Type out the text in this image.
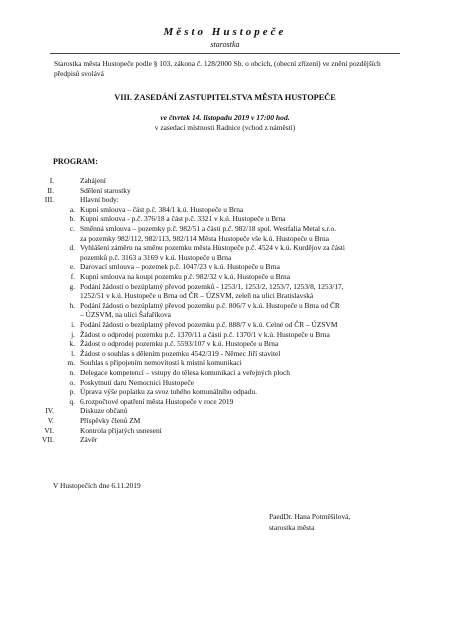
Město Hustopeče
starostka
Starostka města Hustopeče podle § 103, zákona č. 128/2000 Sb. o obcích, (obecní zřízení) ve znění pozdějších předpisů svolává
VIII. ZASEDÁNÍ ZASTUPITELSTVA MĚSTA HUSTOPEČE
ve čtvrtek 14. listopadu 2019 v 17:00 hod.
v zasedací místnosti Radnice (vchod z náměstí)
PROGRAM:
I.	Zahájení
II.	Sdělení starostky
III.	Hlavní body:
a. Kupní smlouva – část p.č. 384/1 k.ú. Hustopeče u Brna
b. Kupní smlouva - p.č. 376/18 a část p.č. 3321 v k.ú. Hustopeče u Brna
c. Směnná smlouva – pozemky p.č. 982/51 a části p.č. 982/18 spol. Westfalia Metal s.r.o.
za pozemky 982/112, 982/113, 982/114 Města Hustopeče vše k.ú. Hustopeče u Brna
d. Vyhlášení záměru na směnu pozemku města Hustopeče p.č. 4524 v k.ú. Kurdějov za části
pozemků p.č. 3163 a 3169 v k.ú. Hustopeče u Brna
e. Darovací smlouva – pozemek p.č. 1047/23 v k.ú. Hustopeče u Brna
f. Kupní smlouva na koupi pozemku p.č. 982/32 v k.ú. Hustopeče u Brna
g. Podání žádosti o bezúplatný převod pozemků - 1253/1, 1253/2, 1253/7, 1253/8, 1253/17,
1252/51 v k.ú. Hustopeče u Brna od ČR – ÚZSVM, zeleň na ulici Bratislavská
h. Podání žádosti o bezúplatný převod pozemku p.č. 806/7 v k.ú. Hustopeče u Brna od ČR
– ÚZSVM, na ulici Šafaříkova
i. Podání žádosti o bezúplatný převod pozemku p.č. 888/7 v k.ú. Celné od ČR – ÚZSVM
j. Žádost o odprodej pozemku p.č. 1370/11 a části p.č. 1370/1 v k.ú. Hustopeče u Brna
k. Žádost o odprodej pozemku p.č. 5593/107 v k.ú. Hustopeče u Brna
l. Žádost o souhlas s dělením pozemku 4542/319 - Němec Jiří stavitel
m. Souhlas s připojením nemovitostí k místní komunikaci
n. Delegace kompetencí – vstupy do tělesa komunikací a veřejných ploch
o. Poskytnutí daru Nemocnici Hustopeče
p. Úprava výše poplatku za svoz tuhého komunálního odpadu.
q. 6.rozpočtové opatření města Hustopeče v roce 2019
IV.	Diskuze občanů
V.	Příspěvky členů ZM
VI.	Kontrola přijatých usnesení
VII.	Závěr
V Hustopečích dne 6.11.2019
PaedDr. Hana Potměšilová,
starostka města
